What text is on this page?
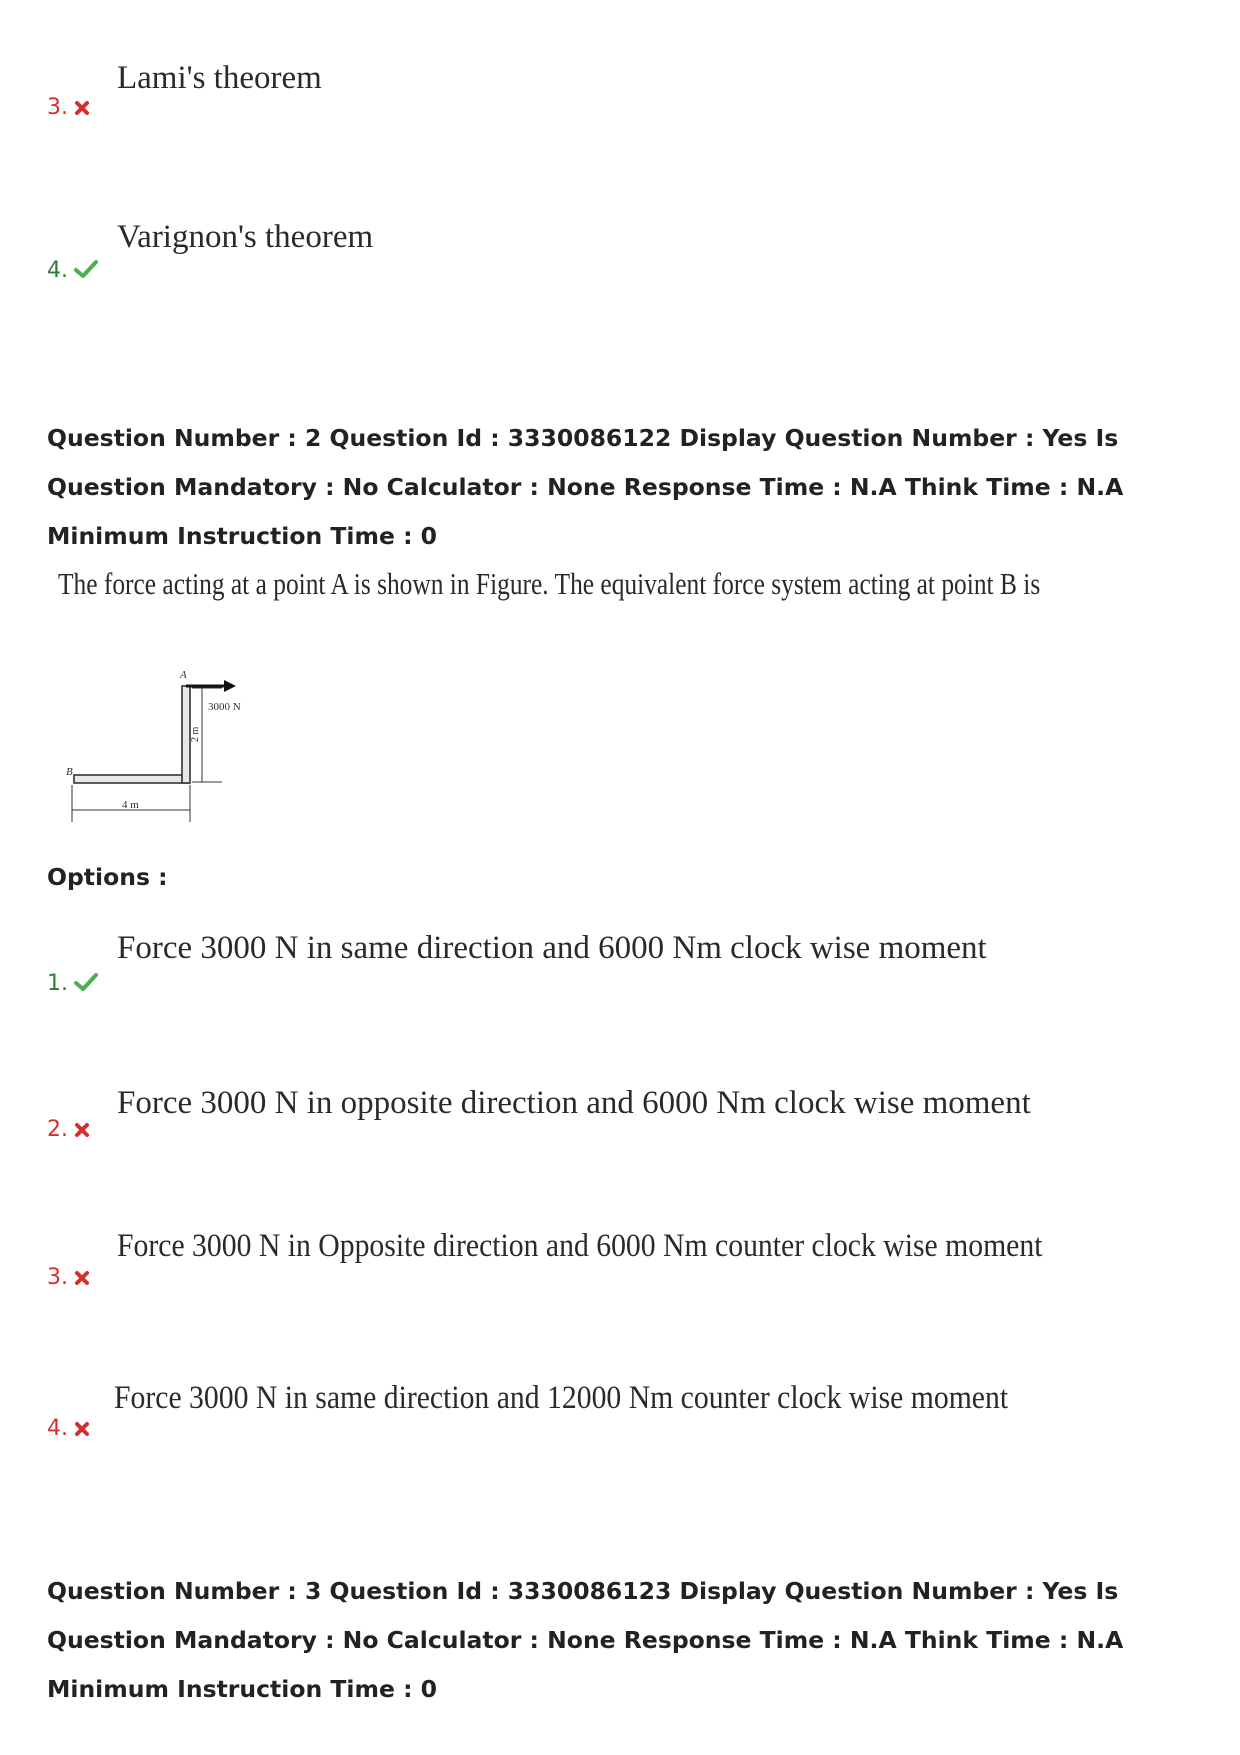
Lami's theorem
3.
Varignon's theorem
4.
Question Number : 2 Question Id : 3330086122 Display Question Number : Yes Is Question Mandatory : No Calculator : None Response Time : N.A Think Time : N.A Minimum Instruction Time : 0
The force acting at a point A is shown in Figure. The equivalent force system acting at point B is
A
B
3000 N
4 m
2 m
Options :
Force 3000 N in same direction and 6000 Nm clock wise moment
1.
Force 3000 N in opposite direction and 6000 Nm clock wise moment
2.
Force 3000 N in Opposite direction and 6000 Nm counter clock wise moment
3.
Force 3000 N in same direction and 12000 Nm counter clock wise moment
4.
Question Number : 3 Question Id : 3330086123 Display Question Number : Yes Is Question Mandatory : No Calculator : None Response Time : N.A Think Time : N.A Minimum Instruction Time : 0
